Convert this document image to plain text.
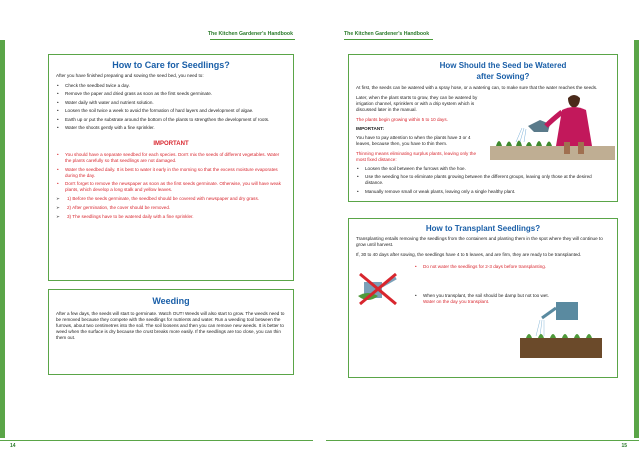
The Kitchen Gardener's Handbook
How to Care for Seedlings?
After you have finished preparing and sowing the seed bed, you need to:
• Check the seedbed twice a day.
• Remove the paper and dried grass as soon as the first seeds germinate.
• Water daily with water and nutrient solution.
• Loosen the soil twice a week to avoid the formation of hard layers and development of algae.
• Earth up or put the substrate around the bottom of the plants to strengthen the development of roots.
• Water the shoots gently with a fine sprinkler.
IMPORTANT
• You should have a separate seedbed for each species. Don't mix the seeds of different vegetables. Water the plants carefully so that seedlings are not damaged.
• Water the seedbed daily. It is best to water it early in the morning so that the excess moisture evaporates during the day.
• Don't forget to remove the newspaper as soon as the first seeds germinate. Otherwise, you will have weak plants, which develop a long stalk and yellow leaves.
➢ 1) Before the seeds germinate, the seedbed should be covered with newspaper and dry grass.
➢ 2) After germination, the cover should be removed.
➢ 3) The seedlings have to be watered daily with a fine sprinkler.
Weeding
After a few days, the seeds will start to germinate. Watch OUT! Weeds will also start to grow. The weeds need to be removed because they compete with the seedlings for nutrients and water. Run a weeding tool between the furrows, about two centimetres into the soil. The soil loosens and then you can remove new weeds. It is better to weed when the surface is dry because the crust breaks more easily. If the seedlings are too close, you can thin them out.
14
The Kitchen Gardener's Handbook
How Should the Seed be Watered
after Sowing?
At first, the seeds can be watered with a spray hose, or a watering can, to make sure that the water reaches the seeds.
Later, when the plant starts to grow, they can be watered by irrigation channel, sprinklers or with a drip system which is discussed later in the manual.
The plants begin growing within 5 to 10 days.
IMPORTANT:
You have to pay attention to when the plants have 3 or 4 leaves, because then, you have to thin them.
Thinning means eliminating surplus plants, leaving only the most fixed distance:
• Loosen the soil between the furrows with the hoe.
• Use the weeding hoe to eliminate plants growing between the different groups, leaving only those at the desired distance.
• Manually remove small or weak plants, leaving only a single healthy plant.
How to Transplant Seedlings?
Transplanting entails removing the seedlings from the containers and planting them in the spot where they will continue to grow until harvest.
If, 30 to 40 days after sowing, the seedlings have 4 to 5 leaves, and are firm, they are ready to be transplanted.
• Do not water the seedlings for 2-3 days before transplanting.
• When you transplant, the soil should be damp but not too wet. Water on the day you transplant.
15
